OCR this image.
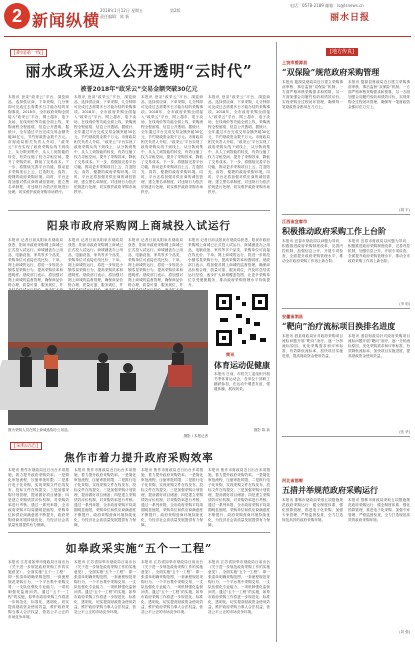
2 新闻纵横
2018年1月12日 星期五
责任编辑：陈 新
第2版
电话：0578-2189 邮箱：ls@lsnews.cn
丽水日报
[新闻第一线]
丽水政采迈入公开透明“云时代”
被誉2018年“政采云”交易金额突破30亿元
本报讯 登录“政采云”平台，浏览商品、选择供应商、下单采购，几分钟即可完成过去需要多日才能办结的采购事项。2018年，全市政府采购全面接入“政采云”平台，网上超市、电子卖场、在线询价等功能全面上线，采购流程全程留痕、信息公开透明。据统计，全年通过平台完成交易金额突破30亿元，节约财政资金数千万元。市财政局相关负责人介绍，“政采云”平台实现了政府采购从线下到线上、从分散到集中、从人工到智能的转变，有效压缩了权力寻租空间，提升了采购效率，降低了交易成本。下一步，将继续完善平台功能，推动更多采购项目上云，打造阳光、高效、便捷的政府采购环境。同时，平台还将加强对供应商的诚信管理，建立黑名单制度，对违规行为依法依规进行处理，切实维护政府采购市场秩序。
本报讯 登录“政采云”平台，浏览商品、选择供应商、下单采购，几分钟即可完成过去需要多日才能办结的采购事项。2018年，全市政府采购全面接入“政采云”平台，网上超市、电子卖场、在线询价等功能全面上线，采购流程全程留痕、信息公开透明。据统计，全年通过平台完成交易金额突破30亿元，节约财政资金数千万元。市财政局相关负责人介绍，“政采云”平台实现了政府采购从线下到线上、从分散到集中、从人工到智能的转变，有效压缩了权力寻租空间，提升了采购效率，降低了交易成本。下一步，将继续完善平台功能，推动更多采购项目上云，打造阳光、高效、便捷的政府采购环境。同时，平台还将加强对供应商的诚信管理，建立黑名单制度，对违规行为依法依规进行处理，切实维护政府采购市场秩序。
本报讯 登录“政采云”平台，浏览商品、选择供应商、下单采购，几分钟即可完成过去需要多日才能办结的采购事项。2018年，全市政府采购全面接入“政采云”平台，网上超市、电子卖场、在线询价等功能全面上线，采购流程全程留痕、信息公开透明。据统计，全年通过平台完成交易金额突破30亿元，节约财政资金数千万元。市财政局相关负责人介绍，“政采云”平台实现了政府采购从线下到线上、从分散到集中、从人工到智能的转变，有效压缩了权力寻租空间，提升了采购效率，降低了交易成本。下一步，将继续完善平台功能，推动更多采购项目上云，打造阳光、高效、便捷的政府采购环境。同时，平台还将加强对供应商的诚信管理，建立黑名单制度，对违规行为依法依规进行处理，切实维护政府采购市场秩序。
本报讯 登录“政采云”平台，浏览商品、选择供应商、下单采购，几分钟即可完成过去需要多日才能办结的采购事项。2018年，全市政府采购全面接入“政采云”平台，网上超市、电子卖场、在线询价等功能全面上线，采购流程全程留痕、信息公开透明。据统计，全年通过平台完成交易金额突破30亿元，节约财政资金数千万元。市财政局相关负责人介绍，“政采云”平台实现了政府采购从线下到线上、从分散到集中、从人工到智能的转变，有效压缩了权力寻租空间，提升了采购效率，降低了交易成本。下一步，将继续完善平台功能，推动更多采购项目上云，打造阳光、高效、便捷的政府采购环境。同时，平台还将加强对供应商的诚信管理，建立黑名单制度，对违规行为依法依规进行处理，切实维护政府采购市场秩序。
阳泉市政府采购网上商城投入试运行
本报讯 记者日前从阳泉市财政局获悉，阳泉市政府采购网上商城已正式投入试运行。商城涵盖办公用品、电脑设备、家具等多个品类，采购单位可直接在线比价、下单。网上商城的运行，将进一步规范小额零星采购行为，提高采购效率和透明度。财政部门表示，将加强对网上商城的监督管理，确保商品价格合理、质量可靠、服务到位，并
本报讯 记者日前从阳泉市财政局获悉，阳泉市政府采购网上商城已正式投入试运行。商城涵盖办公用品、电脑设备、家具等多个品类，采购单位可直接在线比价、下单。网上商城的运行，将进一步规范小额零星采购行为，提高采购效率和透明度。财政部门表示，将加强对网上商城的监督管理，确保商品价格合理、质量可靠、服务到位，并
本报讯 记者日前从阳泉市财政局获悉，阳泉市政府采购网上商城已正式投入试运行。商城涵盖办公用品、电脑设备、家具等多个品类，采购单位可直接在线比价、下单。网上商城的运行，将进一步规范小额零星采购行为，提高采购效率和透明度。财政部门表示，将加强对网上商城的监督管理，确保商品价格合理、质量可靠、服务到位，并
本报讯 记者日前从阳泉市财政局获悉，阳泉市政府采购网上商城已正式投入试运行。商城涵盖办公用品、电脑设备、家具等多个品类，采购单位可直接在线比价、下单。网上商城的运行，将进一步规范小额零星采购行为，提高采购效率和透明度。财政部门表示，将加强对网上商城的监督管理，确保商品价格合理、质量可靠、服务到位，并及时总结试运行经验，逐步扩大商城覆盖范围，让更多采购单位享受便捷服务，推动政府采购管理水平持续提升。
图为采购人员在网上商城选购办公用品。
摄影 / 本报记者
简讯
体育运动促健康
本报讯 日前，市机关工委组织开展冬季体育运动会，各单位干部职工踊跃参加，在运动中增进友谊、强健体魄、展现风采。
摄影 陈 新
[采购动态]
焦作市着力提升政府采购效率
本报讯 焦作市财政局近日出台多项措施，着力提升政府采购效率。一是简化审批流程，压缩审批时限；二是推行电子化采购，实现采购文件在线发布、投标文件在线提交；三是加强采购计划管理，提前做好项目储备；四是建立采购绩效评价机制，对采购效率进行考核。通过一系列举措，全市政府采购平均周期明显缩短，采购单位和供应商满意度不断提升，政府采购营商环境持续优化，为经济社会高质量发展提供有力保障。
本报讯 焦作市财政局近日出台多项措施，着力提升政府采购效率。一是简化审批流程，压缩审批时限；二是推行电子化采购，实现采购文件在线发布、投标文件在线提交；三是加强采购计划管理，提前做好项目储备；四是建立采购绩效评价机制，对采购效率进行考核。通过一系列举措，全市政府采购平均周期明显缩短，采购单位和供应商满意度不断提升，政府采购营商环境持续优化，为经济社会高质量发展提供有力保障。
本报讯 焦作市财政局近日出台多项措施，着力提升政府采购效率。一是简化审批流程，压缩审批时限；二是推行电子化采购，实现采购文件在线发布、投标文件在线提交；三是加强采购计划管理，提前做好项目储备；四是建立采购绩效评价机制，对采购效率进行考核。通过一系列举措，全市政府采购平均周期明显缩短，采购单位和供应商满意度不断提升，政府采购营商环境持续优化，为经济社会高质量发展提供有力保障。
本报讯 焦作市财政局近日出台多项措施，着力提升政府采购效率。一是简化审批流程，压缩审批时限；二是推行电子化采购，实现采购文件在线发布、投标文件在线提交；三是加强采购计划管理，提前做好项目储备；四是建立采购绩效评价机制，对采购效率进行考核。通过一系列举措，全市政府采购平均周期明显缩短，采购单位和供应商满意度不断提升，政府采购营商环境持续优化，为经济社会高质量发展提供有力保障。
如皋政采实施“五个一工程”
本报讯 江苏省如皋市财政局日前出台《关于进一步规范政府采购工作的实施意见》，全面实施“五个一工程”：即一张清单明确采购范围、一套流程规范采购行为、一个平台集中采购交易、一支队伍强化专业能力、一项机制强化监督问责。通过“五个一工程”的实施，如皋市政府采购工作将进一步规范化、标准化、透明化，切实提高财政资金使用效益，维护政府采购当事人合法权益，营造公平公正的市场竞争环境。
本报讯 江苏省如皋市财政局日前出台《关于进一步规范政府采购工作的实施意见》，全面实施“五个一工程”：即一张清单明确采购范围、一套流程规范采购行为、一个平台集中采购交易、一支队伍强化专业能力、一项机制强化监督问责。通过“五个一工程”的实施，如皋市政府采购工作将进一步规范化、标准化、透明化，切实提高财政资金使用效益，维护政府采购当事人合法权益，营造公平公正的市场竞争环境。
本报讯 江苏省如皋市财政局日前出台《关于进一步规范政府采购工作的实施意见》，全面实施“五个一工程”：即一张清单明确采购范围、一套流程规范采购行为、一个平台集中采购交易、一支队伍强化专业能力、一项机制强化监督问责。通过“五个一工程”的实施，如皋市政府采购工作将进一步规范化、标准化、透明化，切实提高财政资金使用效益，维护政府采购当事人合法权益，营造公平公正的市场竞争环境。
本报讯 江苏省如皋市财政局日前出台《关于进一步规范政府采购工作的实施意见》，全面实施“五个一工程”：即一张清单明确采购范围、一套流程规范采购行为、一个平台集中采购交易、一支队伍强化专业能力、一项机制强化监督问责。通过“五个一工程”的实施，如皋市政府采购工作将进一步规范化、标准化、透明化，切实提高财政资金使用效益，维护政府采购当事人合法权益，营造公平公正的市场竞争环境。
[地方传真]
上饶市婺源县
“双保险”规范政府采购管理
本报讯 婺源县财政局近日建立采购事前审核、事后监督“双保险”机制。一方面严格审核采购需求和预算，另一方面加强合同履约验收和绩效评价，实现采购全过程闭环管理，确保每一笔财政资金都用在刀刃上。
本报讯 婺源县财政局近日建立采购事前审核、事后监督“双保险”机制。一方面严格审核采购需求和预算，另一方面加强合同履约验收和绩效评价，实现采购全过程闭环管理，确保每一笔财政资金都用在刀刃上。
(胡 平)
江西省宜春市
积极推动政府采购工作上台阶
本报讯 宜春市财政局以问题为导向，积极推进政府采购制度改革，完善内控机制，加强信息公开，开展专项检查，全面提升政府采购管理水平，推动全市政府采购工作再上新台阶。
本报讯 宜春市财政局以问题为导向，积极推进政府采购制度改革，完善内控机制，加强信息公开，开展专项检查，全面提升政府采购管理水平，推动全市政府采购工作再上新台阶。
(李 明)
安徽省泗县
“靶向”治疗流标项目换排名进度
本报讯 泗县财政局针对政府采购项目流标问题开展“靶向”治疗，逐一分析流标原因，优化采购需求和评审标准，有效降低流标率，加快项目实施进度，提高财政资金使用效益。
本报讯 泗县财政局针对政府采购项目流标问题开展“靶向”治疗，逐一分析流标原因，优化采购需求和评审标准，有效降低流标率，加快项目实施进度，提高财政资金使用效益。
(张 华)
河北省邯郸
五措并举规范政府采购运行
本报讯 邯郸市财政局采取五项措施规范政府采购运行：健全制度体系、强化预算管理、推进电子化采购、加强专家管理、严格监督检查，全力打造规范高效的政府采购环境。
本报讯 邯郸市财政局采取五项措施规范政府采购运行：健全制度体系、强化预算管理、推进电子化采购、加强专家管理、严格监督检查，全力打造规范高效的政府采购环境。
(刘 强)
